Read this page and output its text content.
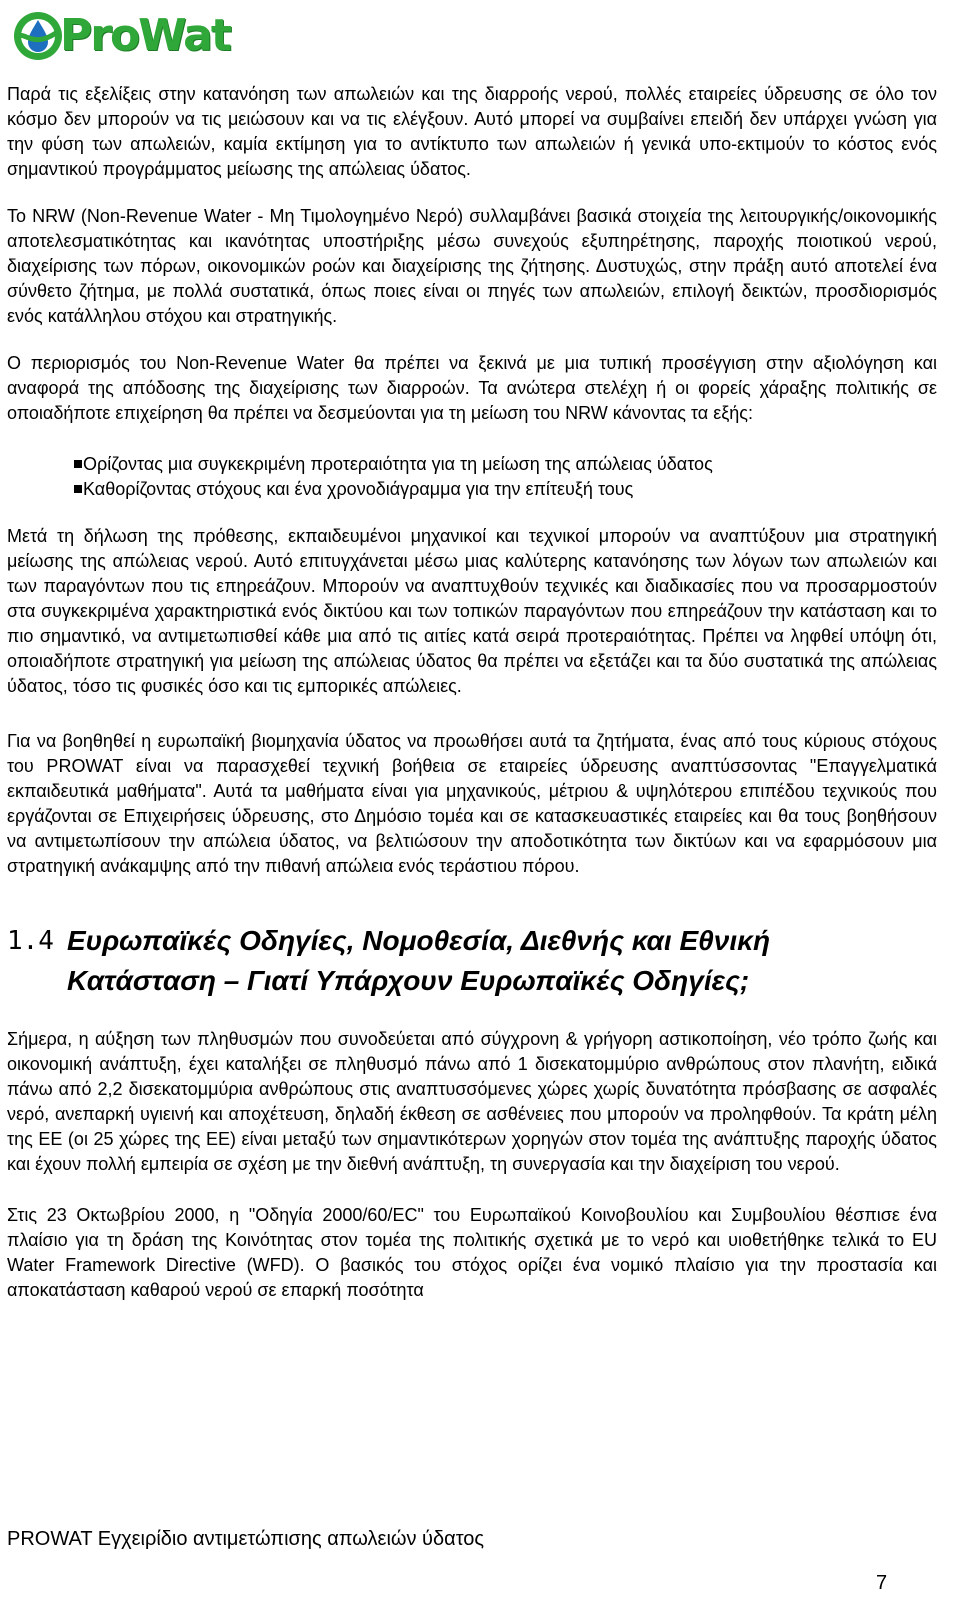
ProWat

Παρά τις εξελίξεις στην κατανόηση των απωλειών και της διαρροής νερού, πολλές εταιρείες ύδρευσης σε όλο τον κόσμο δεν μπορούν να τις μειώσουν και να τις ελέγξουν. Αυτό μπορεί να συμβαίνει επειδή δεν υπάρχει γνώση για την φύση των απωλειών, καμία εκτίμηση για το αντίκτυπο των απωλειών ή γενικά υπο-εκτιμούν το κόστος ενός σημαντικού προγράμματος μείωσης της απώλειας ύδατος.

Το NRW (Non-Revenue Water - Μη Τιμολογημένο Νερό) συλλαμβάνει βασικά στοιχεία της λειτουργικής/οικονομικής αποτελεσματικότητας και ικανότητας υποστήριξης μέσω συνεχούς εξυπηρέτησης, παροχής ποιοτικού νερού, διαχείρισης των πόρων, οικονομικών ροών και διαχείρισης της ζήτησης. Δυστυχώς, στην πράξη αυτό αποτελεί ένα σύνθετο ζήτημα, με πολλά συστατικά, όπως ποιες είναι οι πηγές των απωλειών, επιλογή δεικτών, προσδιορισμός ενός κατάλληλου στόχου και στρατηγικής.

Ο περιορισμός του Non-Revenue Water θα πρέπει να ξεκινά με μια τυπική προσέγγιση στην αξιολόγηση και αναφορά της απόδοσης της διαχείρισης των διαρροών. Τα ανώτερα στελέχη ή οι φορείς χάραξης πολιτικής σε οποιαδήποτε επιχείρηση θα πρέπει να δεσμεύονται για τη μείωση του NRW κάνοντας τα εξής:

Ορίζοντας μια συγκεκριμένη προτεραιότητα για τη μείωση της απώλειας ύδατος
Καθορίζοντας στόχους και ένα χρονοδιάγραμμα για την επίτευξή τους

Μετά τη δήλωση της πρόθεσης, εκπαιδευμένοι μηχανικοί και τεχνικοί μπορούν να αναπτύξουν μια στρατηγική μείωσης της απώλειας νερού. Αυτό επιτυγχάνεται μέσω μιας καλύτερης κατανόησης των λόγων των απωλειών και των παραγόντων που τις επηρεάζουν. Μπορούν να αναπτυχθούν τεχνικές και διαδικασίες που να προσαρμοστούν στα συγκεκριμένα χαρακτηριστικά ενός δικτύου και των τοπικών παραγόντων που επηρεάζουν την κατάσταση και το πιο σημαντικό, να αντιμετωπισθεί κάθε μια από τις αιτίες κατά σειρά προτεραιότητας. Πρέπει να ληφθεί υπόψη ότι, οποιαδήποτε στρατηγική για μείωση της απώλειας ύδατος θα πρέπει να εξετάζει και τα δύο συστατικά της απώλειας ύδατος, τόσο τις φυσικές όσο και τις εμπορικές απώλειες.

Για να βοηθηθεί η ευρωπαϊκή βιομηχανία ύδατος να προωθήσει αυτά τα ζητήματα, ένας από τους κύριους στόχους του PROWAT είναι να παρασχεθεί τεχνική βοήθεια σε εταιρείες ύδρευσης αναπτύσσοντας "Επαγγελματικά εκπαιδευτικά μαθήματα". Αυτά τα μαθήματα είναι για μηχανικούς, μέτριου & υψηλότερου επιπέδου τεχνικούς που εργάζονται σε Επιχειρήσεις ύδρευσης, στο Δημόσιο τομέα και σε κατασκευαστικές εταιρείες και θα τους βοηθήσουν να αντιμετωπίσουν την απώλεια ύδατος, να βελτιώσουν την αποδοτικότητα των δικτύων και να εφαρμόσουν μια στρατηγική ανάκαμψης από την πιθανή απώλεια ενός τεράστιου πόρου.

1.4 Ευρωπαϊκές Οδηγίες, Νομοθεσία, Διεθνής και Εθνική Κατάσταση – Γιατί Υπάρχουν Ευρωπαϊκές Οδηγίες;

Σήμερα, η αύξηση των πληθυσμών που συνοδεύεται από σύγχρονη & γρήγορη αστικοποίηση, νέο τρόπο ζωής και οικονομική ανάπτυξη, έχει καταλήξει σε πληθυσμό πάνω από 1 δισεκατομμύριο ανθρώπους στον πλανήτη, ειδικά πάνω από 2,2 δισεκατομμύρια ανθρώπους στις αναπτυσσόμενες χώρες χωρίς δυνατότητα πρόσβασης σε ασφαλές νερό, ανεπαρκή υγιεινή και αποχέτευση, δηλαδή έκθεση σε ασθένειες που μπορούν να προληφθούν. Τα κράτη μέλη της ΕΕ (οι 25 χώρες της ΕΕ) είναι μεταξύ των σημαντικότερων χορηγών στον τομέα της ανάπτυξης παροχής ύδατος και έχουν πολλή εμπειρία σε σχέση με την διεθνή ανάπτυξη, τη συνεργασία και την διαχείριση του νερού.

Στις 23 Οκτωβρίου 2000, η "Οδηγία 2000/60/EC" του Ευρωπαϊκού Κοινοβουλίου και Συμβουλίου θέσπισε ένα πλαίσιο για τη δράση της Κοινότητας στον τομέα της πολιτικής σχετικά με το νερό και υιοθετήθηκε τελικά το EU Water Framework Directive (WFD). Ο βασικός του στόχος ορίζει ένα νομικό πλαίσιο για την προστασία και αποκατάσταση καθαρού νερού σε επαρκή ποσότητα

PROWAT Εγχειρίδιο αντιμετώπισης απωλειών ύδατος
7
